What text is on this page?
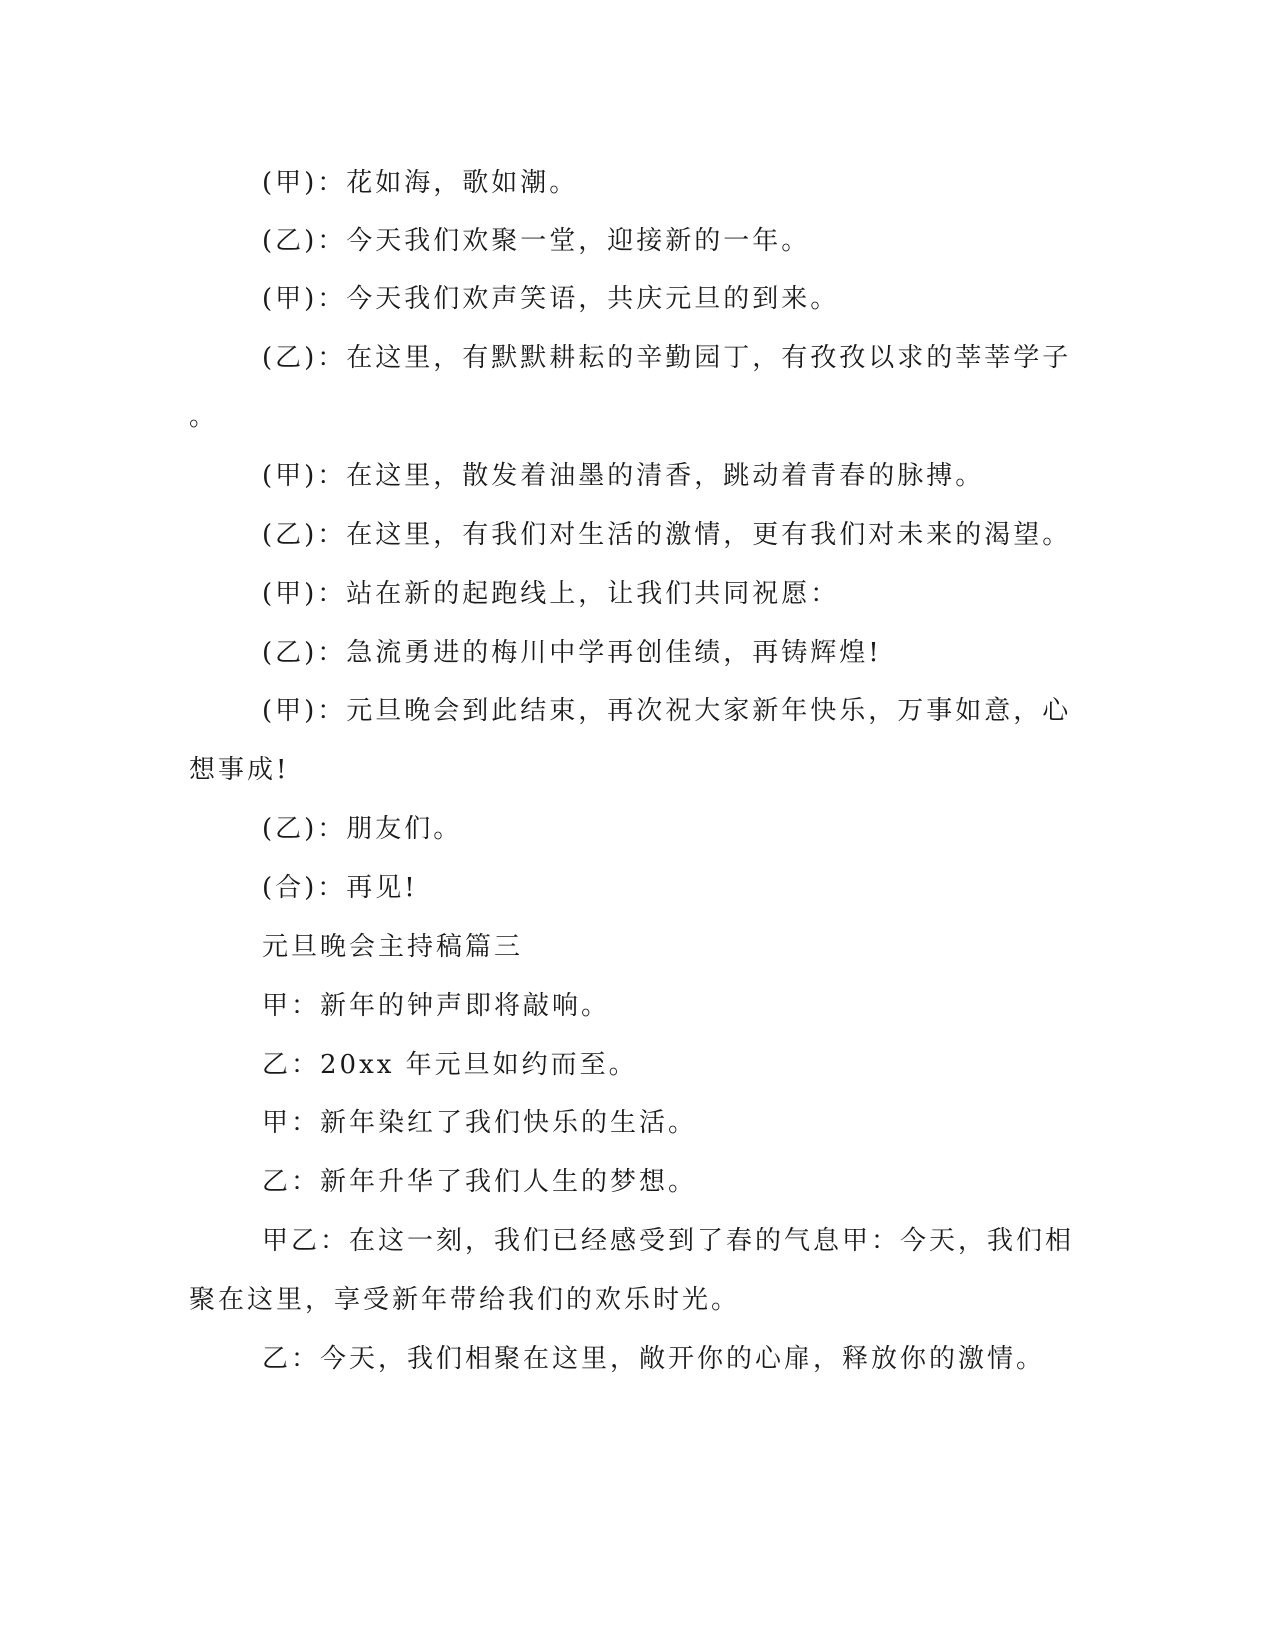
(甲)：花如海，歌如潮。
(乙)：今天我们欢聚一堂，迎接新的一年。
(甲)：今天我们欢声笑语，共庆元旦的到来。
(乙)：在这里，有默默耕耘的辛勤园丁，有孜孜以求的莘莘学子
。
(甲)：在这里，散发着油墨的清香，跳动着青春的脉搏。
(乙)：在这里，有我们对生活的激情，更有我们对未来的渴望。
(甲)：站在新的起跑线上，让我们共同祝愿：
(乙)：急流勇进的梅川中学再创佳绩，再铸辉煌!
(甲)：元旦晚会到此结束，再次祝大家新年快乐，万事如意，心
想事成!
(乙)：朋友们。
(合)：再见!
元旦晚会主持稿篇三
甲：新年的钟声即将敲响。
乙：20xx 年元旦如约而至。
甲：新年染红了我们快乐的生活。
乙：新年升华了我们人生的梦想。
甲乙：在这一刻，我们已经感受到了春的气息甲：今天，我们相
聚在这里，享受新年带给我们的欢乐时光。
乙：今天，我们相聚在这里，敞开你的心扉，释放你的激情。
